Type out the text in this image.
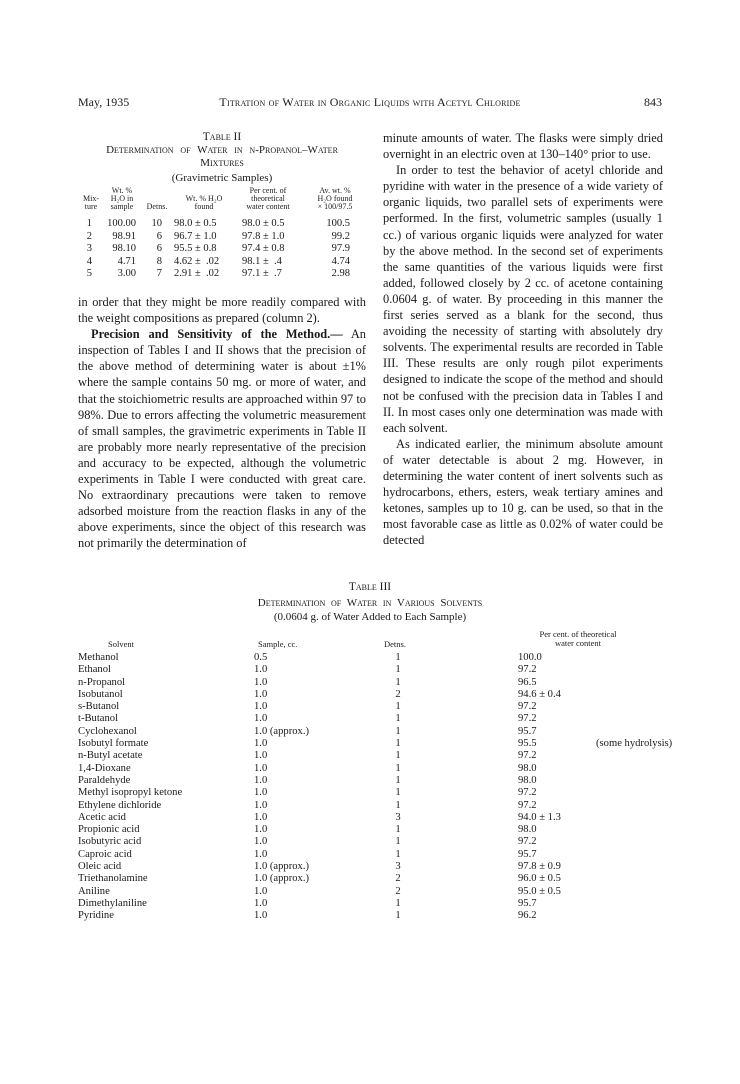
May, 1935	Titration of Water in Organic Liquids with Acetyl Chloride	843
Table II
Determination of Water in n-Propanol–Water
Mixtures
(Gravimetric Samples)
Mix-
ture
Wt. %
H₂O in
sample	Detns.
Wt. % H₂O
found
Per cent. of
theoretical
water content
Av. wt. %
H₂O found
× 100/97.5
1	100.00	10 98.0 ± 0.5	98.0 ± 0.5	100.5
2	98.91	6 96.7 ± 1.0	97.8 ± 1.0	99.2
3	98.10	6 95.5 ± 0.8	97.4 ± 0.8	97.9
4	4.71	8 4.62 ±  .02	98.1 ±  .4	4.74
5	3.00	7 2.91 ±  .02	97.1 ±  .7	2.98

in order that they might be more readily compared with the weight compositions as prepared (column 2).

Precision and Sensitivity of the Method.— An inspection of Tables I and II shows that the precision of the above method of determining water is about ±1% where the sample contains 50 mg. or more of water, and that the stoichiometric results are approached within 97 to 98%. Due to errors affecting the volumetric measurement of small samples, the gravimetric experiments in Table II are probably more nearly representative of the precision and accuracy to be expected, although the volumetric experiments in Table I were conducted with great care. No extraordinary precautions were taken to remove adsorbed moisture from the reaction flasks in any of the above experiments, since the object of this research was not primarily the determination of

minute amounts of water. The flasks were simply dried overnight in an electric oven at 130–140° prior to use.

In order to test the behavior of acetyl chloride and pyridine with water in the presence of a wide variety of organic liquids, two parallel sets of experiments were performed. In the first, volumetric samples (usually 1 cc.) of various organic liquids were analyzed for water by the above method. In the second set of experiments the same quantities of the various liquids were first added, followed closely by 2 cc. of acetone containing 0.0604 g. of water. By proceeding in this manner the first series served as a blank for the second, thus avoiding the necessity of starting with absolutely dry solvents. The experimental results are recorded in Table III. These results are only rough pilot experiments designed to indicate the scope of the method and should not be confused with the precision data in Tables I and II. In most cases only one determination was made with each solvent.

As indicated earlier, the minimum absolute amount of water detectable is about 2 mg. However, in determining the water content of inert solvents such as hydrocarbons, ethers, esters, weak tertiary amines and ketones, samples up to 10 g. can be used, so that in the most favorable case as little as 0.02% of water could be detected

Table III
Determination of Water in Various Solvents
(0.0604 g. of Water Added to Each Sample)
Solvent	Sample, cc.	Detns.
Per cent. of theoretical
water content
Methanol	0.5	1	100.0
Ethanol	1.0	1	97.2
n-Propanol	1.0	1	96.5
Isobutanol	1.0	2	94.6 ± 0.4
s-Butanol	1.0	1	97.2
t-Butanol	1.0	1	97.2
Cyclohexanol	1.0 (approx.)	1	95.7
Isobutyl formate	1.0	1	95.5	(some hydrolysis)
n-Butyl acetate	1.0	1	97.2
1,4-Dioxane	1.0	1	98.0
Paraldehyde	1.0	1	98.0
Methyl isopropyl ketone	1.0	1	97.2
Ethylene dichloride	1.0	1	97.2
Acetic acid	1.0	3	94.0 ± 1.3
Propionic acid	1.0	1	98.0
Isobutyric acid	1.0	1	97.2
Caproic acid	1.0	1	95.7
Oleic acid	1.0 (approx.)	3	97.8 ± 0.9
Triethanolamine	1.0 (approx.)	2	96.0 ± 0.5
Aniline	1.0	2	95.0 ± 0.5
Dimethylaniline	1.0	1	95.7
Pyridine	1.0	1	96.2
